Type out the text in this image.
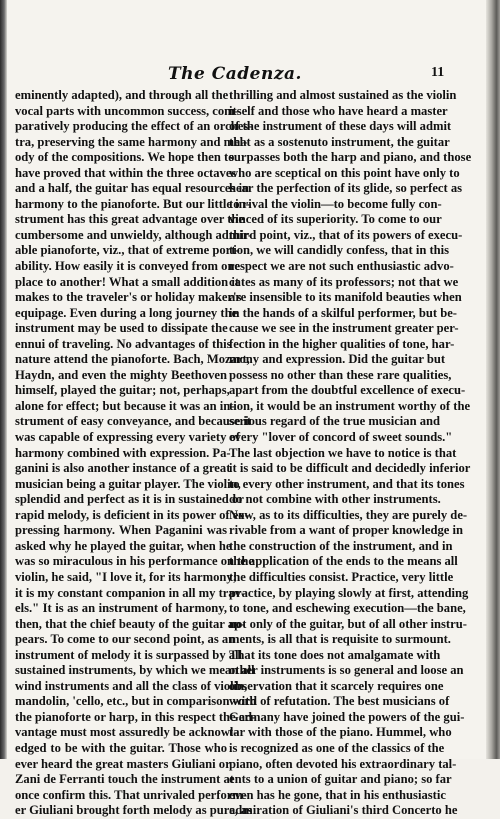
The Cadenza.	11
eminently adapted), and through all the
vocal parts with uncommon success, com-
paratively producing the effect of an orches-
tra, preserving the same harmony and mel-
ody of the compositions. We hope then to
have proved that within the three octaves
and a half, the guitar has equal resources in
harmony to the pianoforte. But our little in-
strument has this great advantage over the
cumbersome and unwieldy, although admir-
able pianoforte, viz., that of extreme port-
ability. How easily it is conveyed from one
place to another! What a small addition it
makes to the traveler's or holiday maker's
equipage. Even during a long journey the
instrument may be used to dissipate the
ennui of traveling. No advantages of this
nature attend the pianoforte. Bach, Mozart,
Haydn, and even the mighty Beethoven
himself, played the guitar; not, perhaps,
alone for effect; but because it was an in-
strument of easy conveyance, and because it
was capable of expressing every variety of
harmony combined with expression. Pa-
ganini is also another instance of a great
musician being a guitar player. The violin,
splendid and perfect as it is in sustained or
rapid melody, is deficient in its power of ex-
pressing harmony. When Paganini was
asked why he played the guitar, when he
was so miraculous in his performance on the
violin, he said, "I love it, for its harmony;
it is my constant companion in all my trav-
els." It is as an instrument of harmony,
then, that the chief beauty of the guitar ap-
pears. To come to our second point, as an
instrument of melody it is surpassed by all
sustained instruments, by which we mean all
wind instruments and all the class of violin,
mandolin, 'cello, etc., but in comparison with
the pianoforte or harp, in this respect the ad-
vantage must most assuredly be acknowl-
edged to be with the guitar. Those who
ever heard the great masters Giuliani or
Zani de Ferranti touch the instrument at
once confirm this. That unrivaled perform-
er Giuliani brought forth melody as pure, as
thrilling and almost sustained as the violin
itself and those who have heard a master
of the instrument of these days will admit
that as a sostenuto instrument, the guitar
surpasses both the harp and piano, and those
who are sceptical on this point have only to
hear the perfection of its glide, so perfect as
to rival the violin—to become fully con-
vinced of its superiority. To come to our
third point, viz., that of its powers of execu-
tion, we will candidly confess, that in this
respect we are not such enthusiastic advo-
cates as many of its professors; not that we
are insensible to its manifold beauties when
in the hands of a skilful performer, but be-
cause we see in the instrument greater per-
fection in the higher qualities of tone, har-
mony and expression. Did the guitar but
possess no other than these rare qualities,
apart from the doubtful excellence of execu-
tion, it would be an instrument worthy of the
serious regard of the true musician and
every "lover of concord of sweet sounds."
The last objection we have to notice is that
it is said to be difficult and decidedly inferior
to every other instrument, and that its tones
do not combine with other instruments.
Now, as to its difficulties, they are purely de-
rivable from a want of proper knowledge in
the construction of the instrument, and in
the application of the ends to the means all
the difficulties consist. Practice, very little
practice, by playing slowly at first, attending
to tone, and eschewing execution—the bane,
not only of the guitar, but of all other instru-
ments, is all that is requisite to surmount.
That its tone does not amalgamate with
other instruments is so general and loose an
observation that it scarcely requires one
word of refutation. The best musicians of
Germany have joined the powers of the gui-
tar with those of the piano. Hummel, who
is recognized as one of the classics of the
piano, often devoted his extraordinary tal-
ents to a union of guitar and piano; so far
even has he gone, that in his enthusiastic
admiration of Giuliani's third Concerto he
